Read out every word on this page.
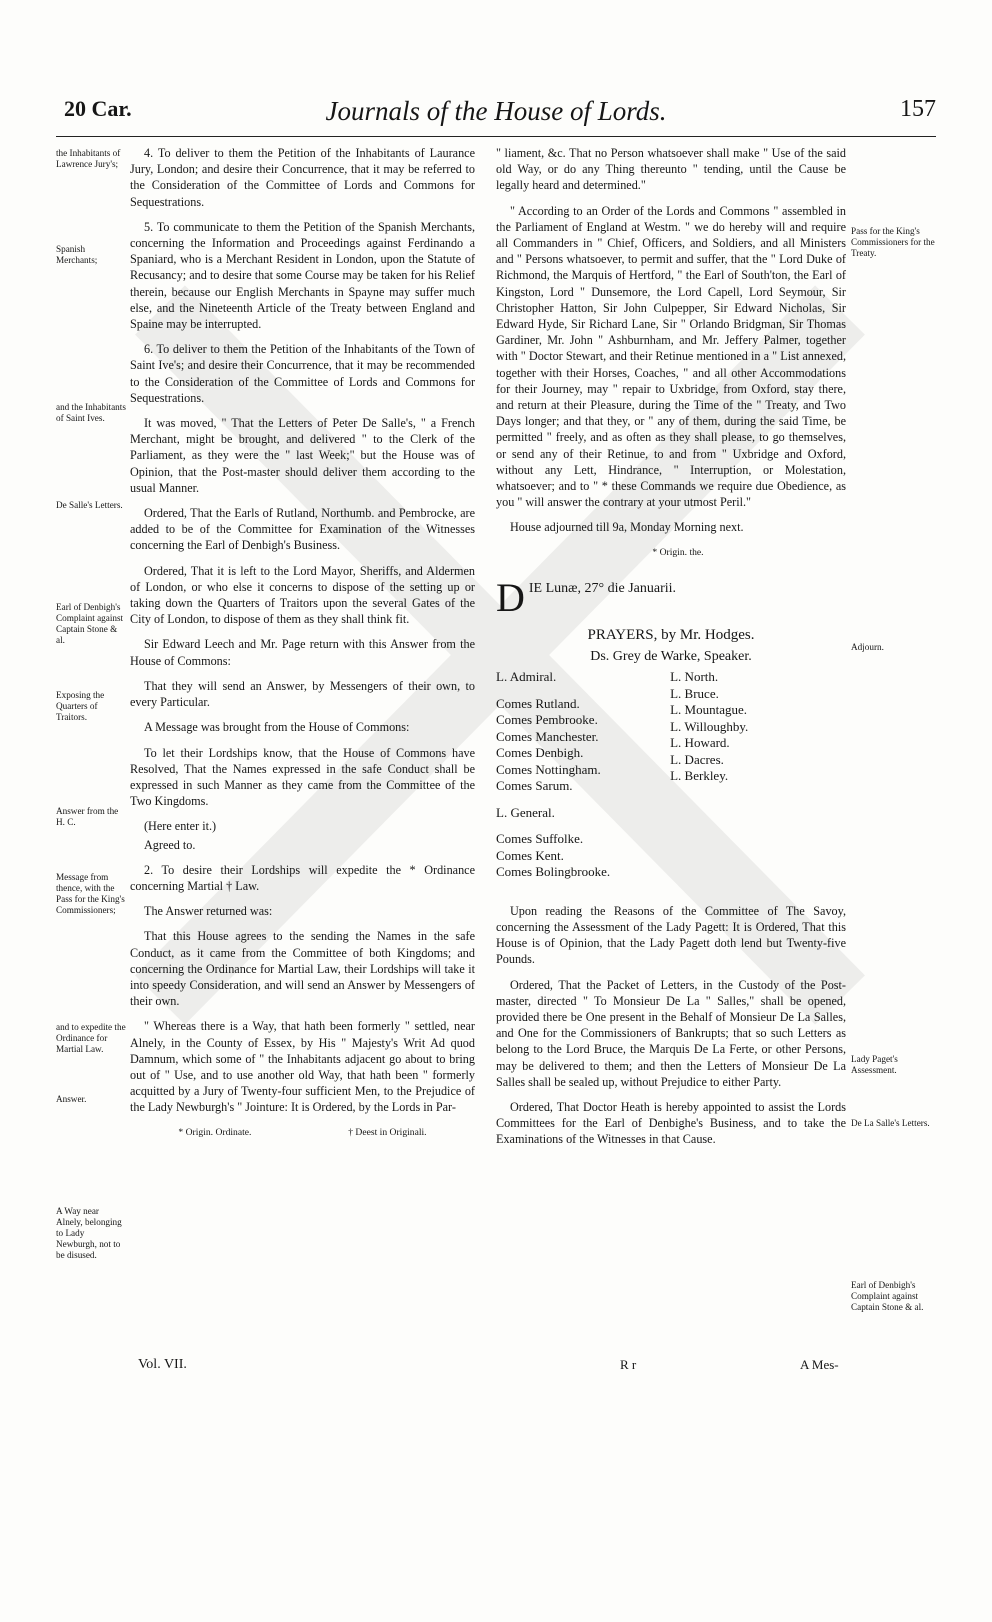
20 Car.	Journals of the House of Lords.	157
the Inhabitants of Lawrence Jury's;
Spanish Merchants;
and the Inhabitants of Saint Ives.
De Salle's Letters.
Earl of Denbigh's Complaint against Captain Stone & al.
Exposing the Quarters of Traitors.
Answer from the H. C.
Message from thence, with the Pass for the King's Commissioners;
and to expedite the Ordinance for Martial Law.
Answer.
A Way near Alnely, belonging to Lady Newburgh, not to be disused.
Pass for the King's Commissioners for the Treaty.
Adjourn.
Lady Paget's Assessment.
De La Salle's Letters.
Earl of Denbigh's Complaint against Captain Stone & al.

4. To deliver to them the Petition of the Inhabitants of Laurance Jury, London; and desire their Concurrence, that it may be referred to the Consideration of the Committee of Lords and Commons for Sequestrations.

5. To communicate to them the Petition of the Spanish Merchants, concerning the Information and Proceedings against Ferdinando a Spaniard, who is a Merchant Resident in London, upon the Statute of Recusancy; and to desire that some Course may be taken for his Relief therein, because our English Merchants in Spayne may suffer much else, and the Nineteenth Article of the Treaty between England and Spaine may be interrupted.

6. To deliver to them the Petition of the Inhabitants of the Town of Saint Ive's; and desire their Concurrence, that it may be recommended to the Consideration of the Committee of Lords and Commons for Sequestrations.

It was moved, " That the Letters of Peter De Salle's, " a French Merchant, might be brought, and delivered " to the Clerk of the Parliament, as they were the " last Week;" but the House was of Opinion, that the Post-master should deliver them according to the usual Manner.

Ordered, That the Earls of Rutland, Northumb. and Pembrocke, are added to be of the Committee for Examination of the Witnesses concerning the Earl of Denbigh's Business.

Ordered, That it is left to the Lord Mayor, Sheriffs, and Aldermen of London, or who else it concerns to dispose of the setting up or taking down the Quarters of Traitors upon the several Gates of the City of London, to dispose of them as they shall think fit.

Sir Edward Leech and Mr. Page return with this Answer from the House of Commons:

That they will send an Answer, by Messengers of their own, to every Particular.

A Message was brought from the House of Commons:

To let their Lordships know, that the House of Commons have Resolved, That the Names expressed in the safe Conduct shall be expressed in such Manner as they came from the Committee of the Two Kingdoms.

(Here enter it.)

Agreed to.

2. To desire their Lordships will expedite the * Ordinance concerning Martial † Law.

The Answer returned was:

That this House agrees to the sending the Names in the safe Conduct, as it came from the Committee of both Kingdoms; and concerning the Ordinance for Martial Law, their Lordships will take it into speedy Consideration, and will send an Answer by Messengers of their own.

" Whereas there is a Way, that hath been formerly " settled, near Alnely, in the County of Essex, by His " Majesty's Writ Ad quod Damnum, which some of " the Inhabitants adjacent go about to bring out of " Use, and to use another old Way, that hath been " formerly acquitted by a Jury of Twenty-four sufficient Men, to the Prejudice of the Lady Newburgh's " Jointure: It is Ordered, by the Lords in Par-

* Origin. Ordinate.	† Deest in Originali.

" liament, &c. That no Person whatsoever shall make " Use of the said old Way, or do any Thing thereunto " tending, until the Cause be legally heard and determined."

" According to an Order of the Lords and Commons " assembled in the Parliament of England at Westm. " we do hereby will and require all Commanders in " Chief, Officers, and Soldiers, and all Ministers and " Persons whatsoever, to permit and suffer, that the " Lord Duke of Richmond, the Marquis of Hertford, " the Earl of South'ton, the Earl of Kingston, Lord " Dunsemore, the Lord Capell, Lord Seymour, Sir Christopher Hatton, Sir John Culpepper, Sir Edward Nicholas, Sir Edward Hyde, Sir Richard Lane, Sir " Orlando Bridgman, Sir Thomas Gardiner, Mr. John " Ashburnham, and Mr. Jeffery Palmer, together with " Doctor Stewart, and their Retinue mentioned in a " List annexed, together with their Horses, Coaches, " and all other Accommodations for their Journey, may " repair to Uxbridge, from Oxford, stay there, and return at their Pleasure, during the Time of the " Treaty, and Two Days longer; and that they, or " any of them, during the said Time, be permitted " freely, and as often as they shall please, to go themselves, or send any of their Retinue, to and from " Uxbridge and Oxford, without any Lett, Hindrance, " Interruption, or Molestation, whatsoever; and to " * these Commands we require due Obedience, as you " will answer the contrary at your utmost Peril."

House adjourned till 9a, Monday Morning next.

* Origin. the.

D IE Lunæ, 27° die Januarii.
PRAYERS, by Mr. Hodges.
Ds. Grey de Warke, Speaker.
L. Admiral.
Comes Rutland.
Comes Pembrooke.
Comes Manchester.
Comes Denbigh.
Comes Nottingham.
Comes Sarum.
L. General.
Comes Suffolke.
Comes Kent.
Comes Bolingbrooke.
L. North.
L. Bruce.
L. Mountague.
L. Willoughby.
L. Howard.
L. Dacres.
L. Berkley.

Upon reading the Reasons of the Committee of The Savoy, concerning the Assessment of the Lady Pagett: It is Ordered, That this House is of Opinion, that the Lady Pagett doth lend but Twenty-five Pounds.

Ordered, That the Packet of Letters, in the Custody of the Post-master, directed " To Monsieur De La " Salles," shall be opened, provided there be One present in the Behalf of Monsieur De La Salles, and One for the Commissioners of Bankrupts; that so such Letters as belong to the Lord Bruce, the Marquis De La Ferte, or other Persons, may be delivered to them; and then the Letters of Monsieur De La Salles shall be sealed up, without Prejudice to either Party.

Ordered, That Doctor Heath is hereby appointed to assist the Lords Committees for the Earl of Denbighe's Business, and to take the Examinations of the Witnesses in that Cause.

Vol. VII.	R r	A Mes-
